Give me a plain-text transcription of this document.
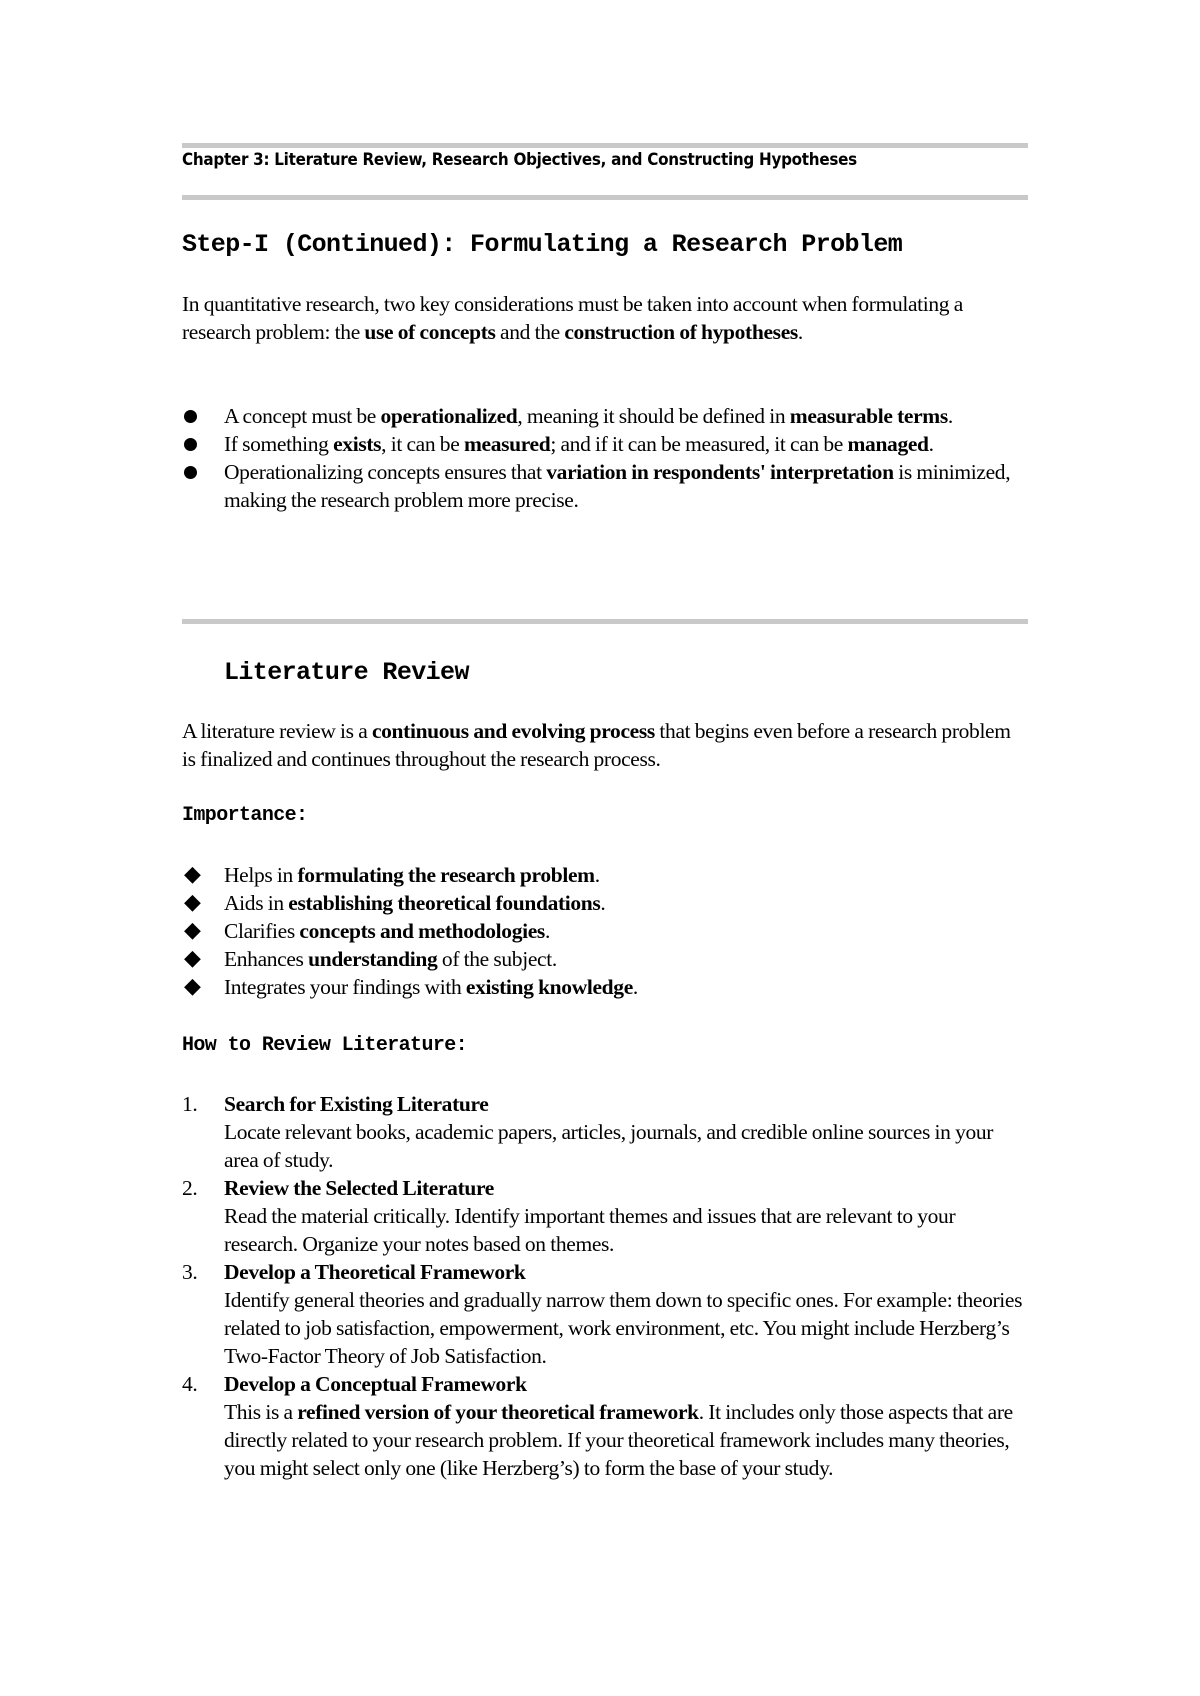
Chapter 3: Literature Review, Research Objectives, and Constructing Hypotheses
Step-I (Continued): Formulating a Research Problem
In quantitative research, two key considerations must be taken into account when formulating a research problem: the use of concepts and the construction of hypotheses.
A concept must be operationalized, meaning it should be defined in measurable terms.
If something exists, it can be measured; and if it can be measured, it can be managed.
Operationalizing concepts ensures that variation in respondents' interpretation is minimized, making the research problem more precise.
Literature Review
A literature review is a continuous and evolving process that begins even before a research problem is finalized and continues throughout the research process.
Importance:
◆ Helps in formulating the research problem.
◆ Aids in establishing theoretical foundations.
◆ Clarifies concepts and methodologies.
◆ Enhances understanding of the subject.
◆ Integrates your findings with existing knowledge.
How to Review Literature:
1. Search for Existing Literature
Locate relevant books, academic papers, articles, journals, and credible online sources in your area of study.
2. Review the Selected Literature
Read the material critically. Identify important themes and issues that are relevant to your research. Organize your notes based on themes.
3. Develop a Theoretical Framework
Identify general theories and gradually narrow them down to specific ones. For example: theories related to job satisfaction, empowerment, work environment, etc. You might include Herzberg’s Two-Factor Theory of Job Satisfaction.
4. Develop a Conceptual Framework
This is a refined version of your theoretical framework. It includes only those aspects that are directly related to your research problem. If your theoretical framework includes many theories, you might select only one (like Herzberg’s) to form the base of your study.
